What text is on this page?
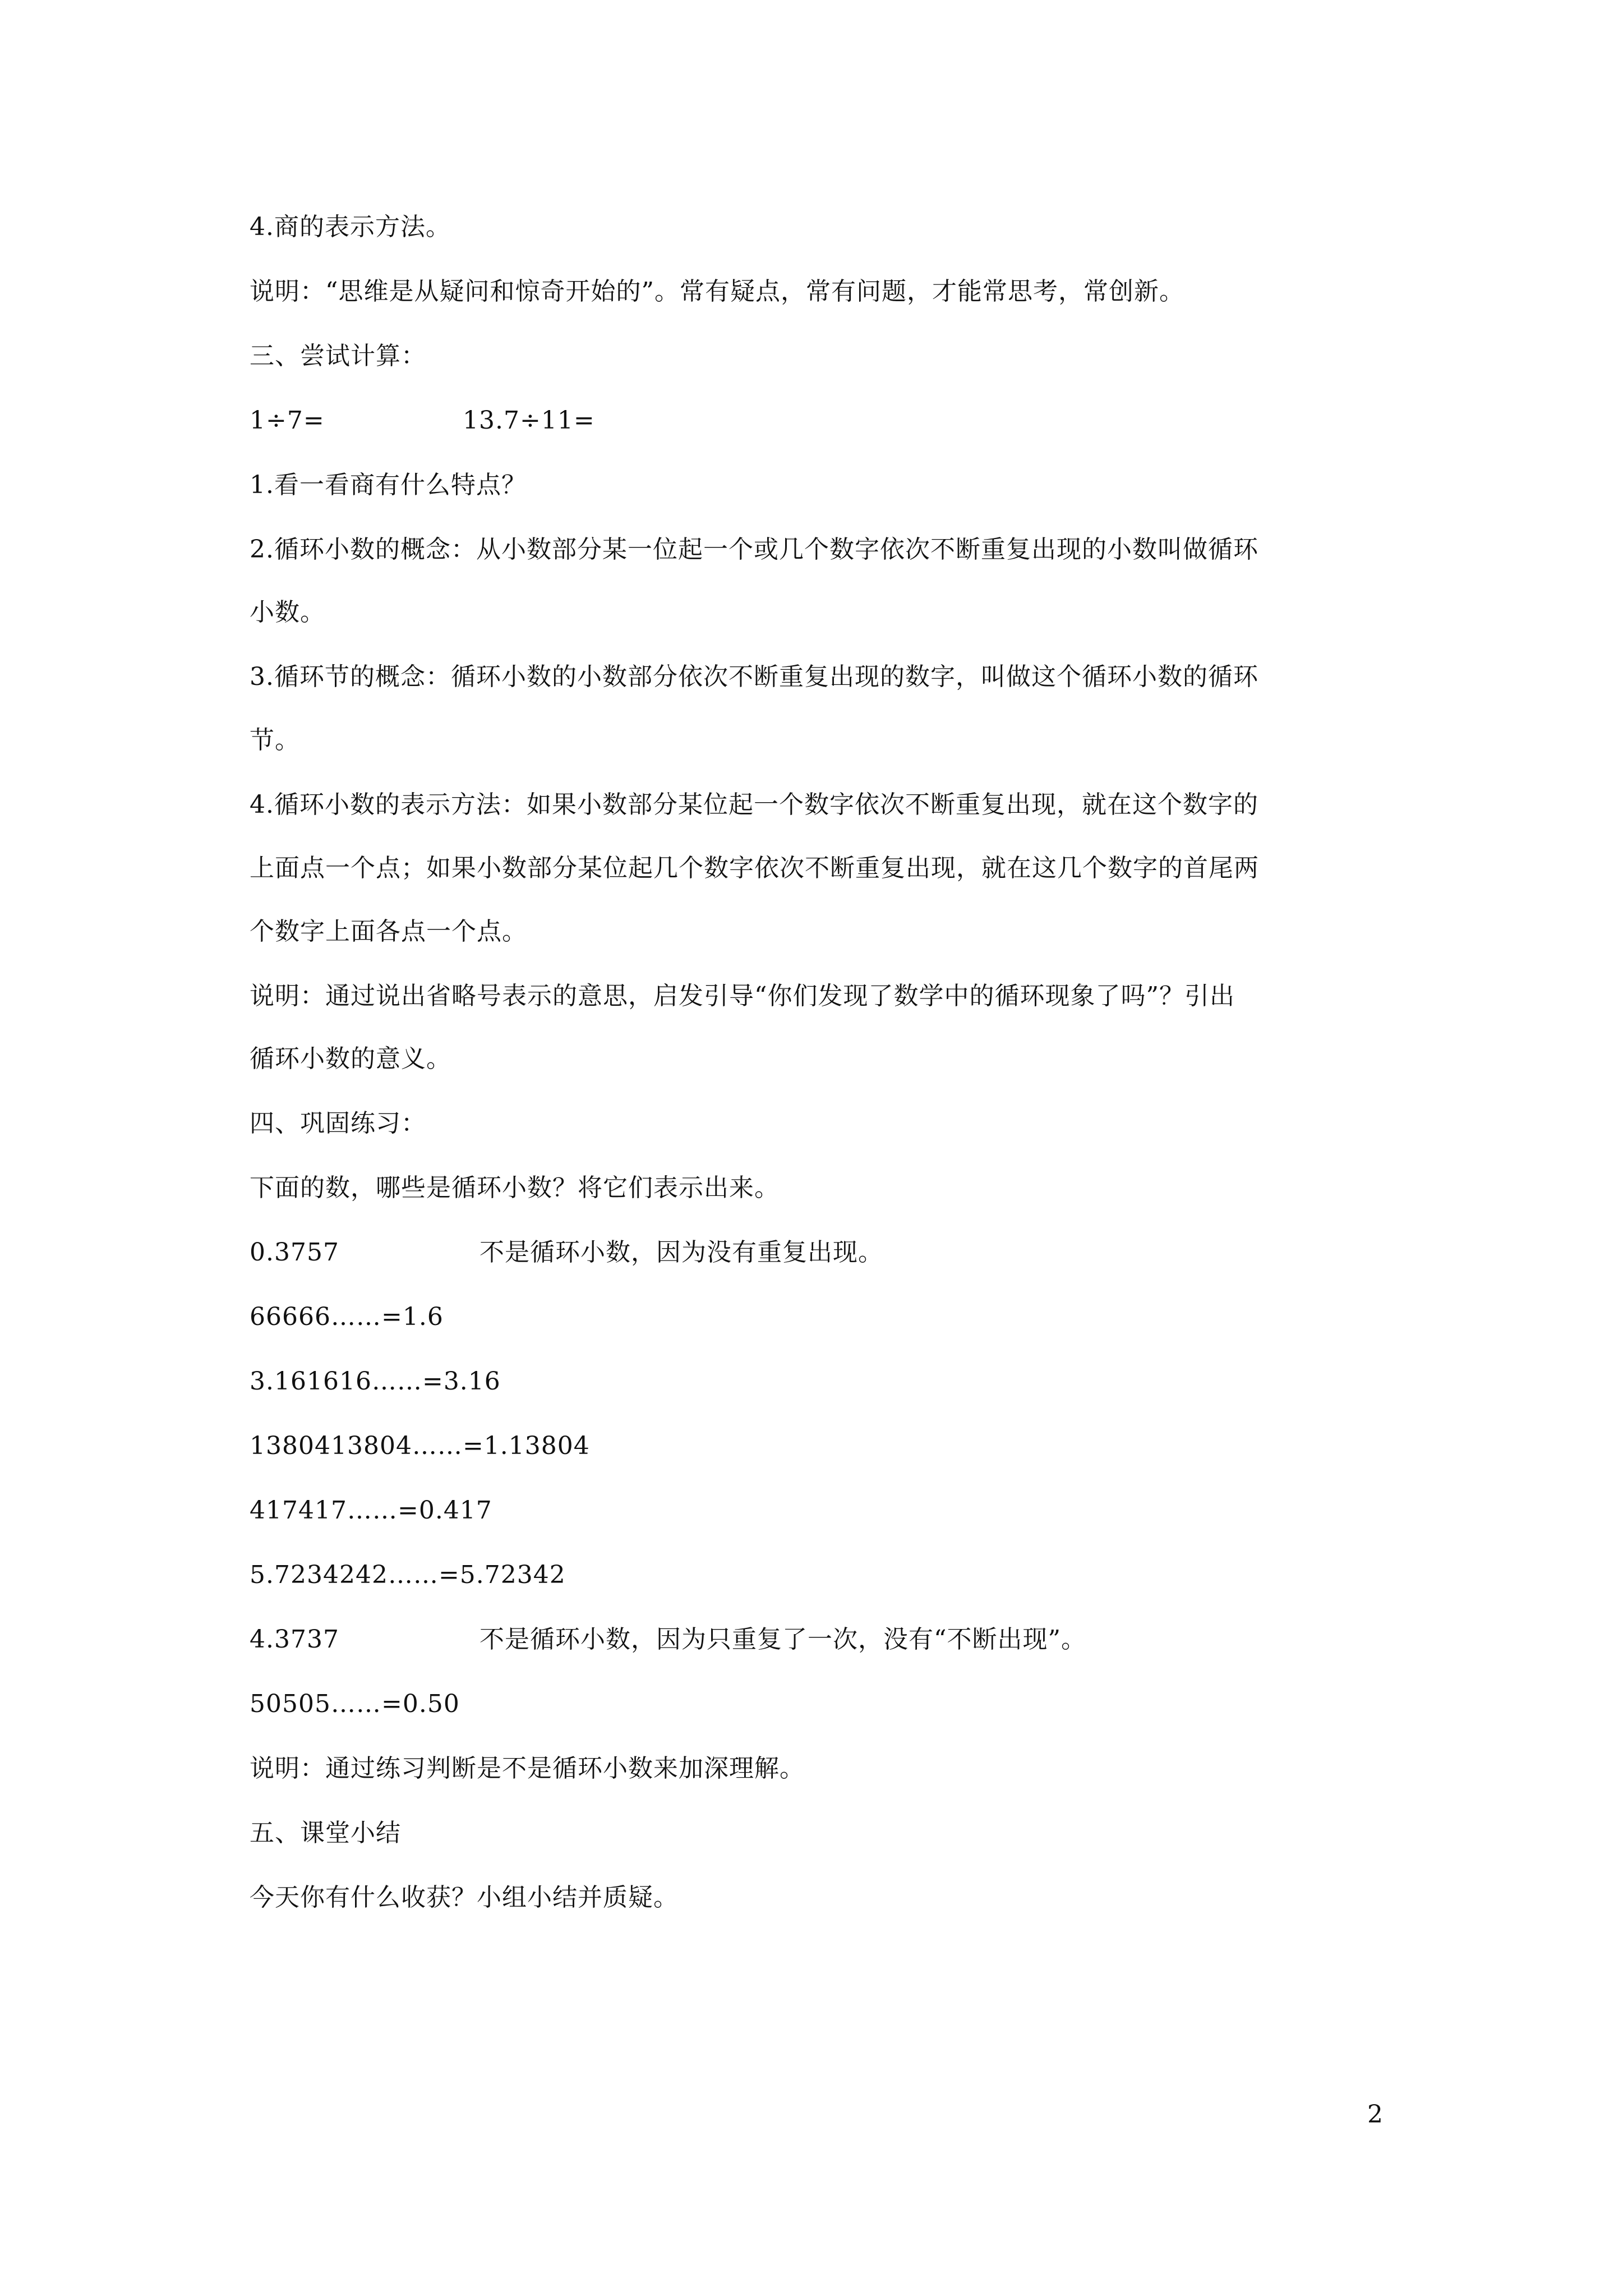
4.商的表示方法。
说明：“思维是从疑问和惊奇开始的”。常有疑点，常有问题，才能常思考，常创新。
三、尝试计算：
1÷7=	13.7÷11=
1.看一看商有什么特点？
2.循环小数的概念：从小数部分某一位起一个或几个数字依次不断重复出现的小数叫做循环
小数。
3.循环节的概念：循环小数的小数部分依次不断重复出现的数字，叫做这个循环小数的循环
节。
4.循环小数的表示方法：如果小数部分某位起一个数字依次不断重复出现，就在这个数字的
上面点一个点；如果小数部分某位起几个数字依次不断重复出现，就在这几个数字的首尾两
个数字上面各点一个点。
说明：通过说出省略号表示的意思，启发引导“你们发现了数学中的循环现象了吗”？引出
循环小数的意义。
四、巩固练习：
下面的数，哪些是循环小数？将它们表示出来。
0.3757	不是循环小数，因为没有重复出现。
66666……=1.6
3.161616……=3.16
1380413804……=1.13804
417417……=0.417
5.7234242……=5.72342
4.3737	不是循环小数，因为只重复了一次，没有“不断出现”。
50505……=0.50
说明：通过练习判断是不是循环小数来加深理解。
五、课堂小结
今天你有什么收获？小组小结并质疑。
2
